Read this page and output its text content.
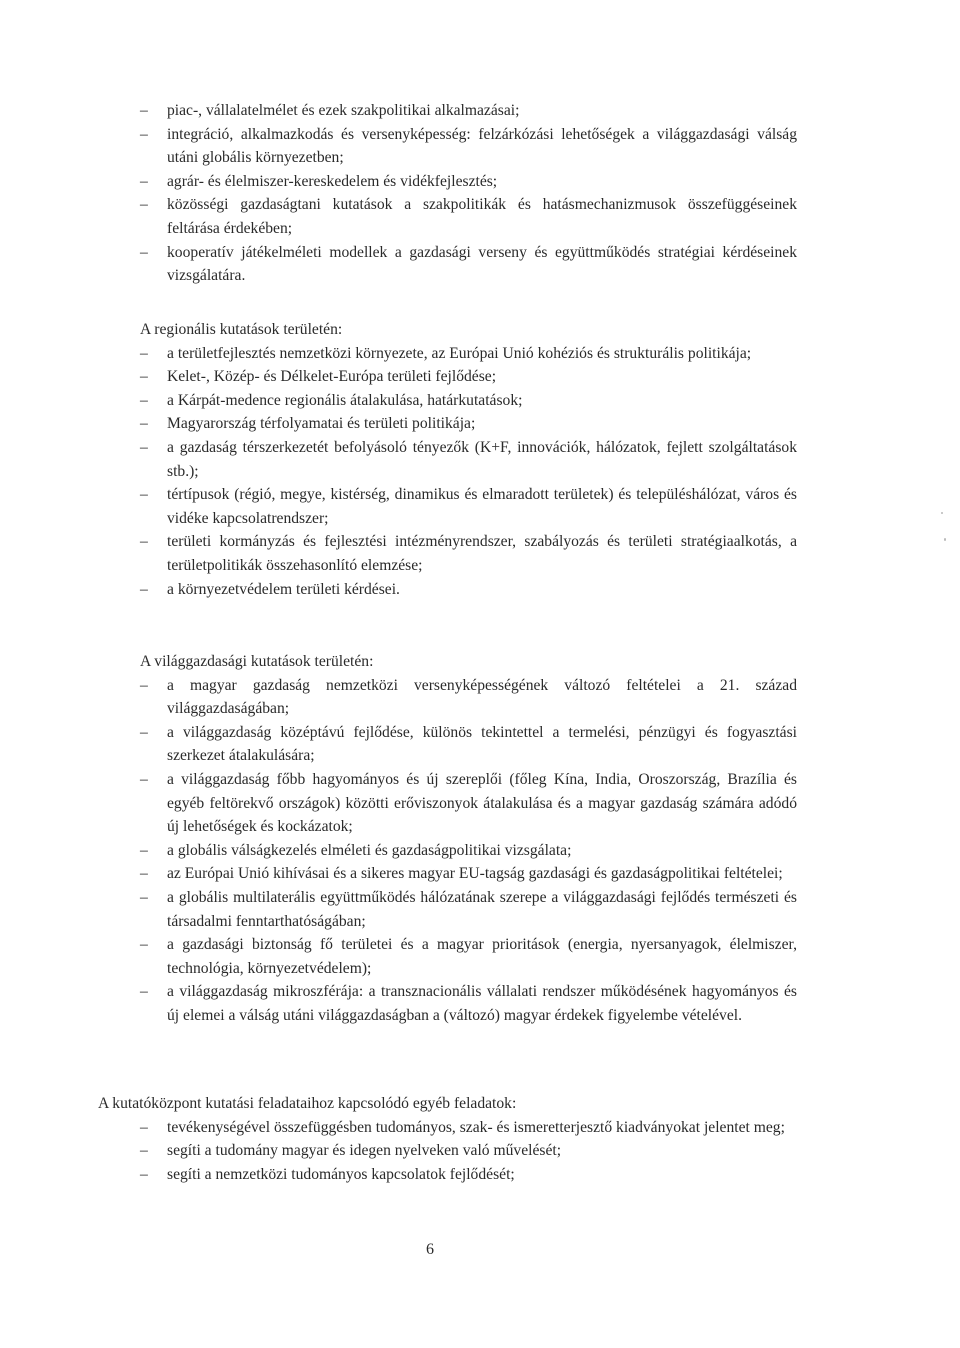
–	piac-, vállalatelmélet és ezek szakpolitikai alkalmazásai;
–	integráció, alkalmazkodás és versenyképesség: felzárkózási lehetőségek a világgazdasági válság utáni globális környezetben;
–	agrár- és élelmiszer-kereskedelem és vidékfejlesztés;
–	közösségi gazdaságtani kutatások a szakpolitikák és hatásmechanizmusok összefüggéseinek feltárása érdekében;
–	kooperatív játékelméleti modellek a gazdasági verseny és együttműködés stratégiai kérdéseinek vizsgálatára.

A regionális kutatások területén:

–	a területfejlesztés nemzetközi környezete, az Európai Unió kohéziós és strukturális politikája;
–	Kelet-, Közép- és Délkelet-Európa területi fejlődése;
–	a Kárpát-medence regionális átalakulása, határkutatások;
–	Magyarország térfolyamatai és területi politikája;
–	a gazdaság térszerkezetét befolyásoló tényezők (K+F, innovációk, hálózatok, fejlett szolgáltatások stb.);
–	tértípusok (régió, megye, kistérség, dinamikus és elmaradott területek) és településhálózat, város és vidéke kapcsolatrendszer;
–	területi kormányzás és fejlesztési intézményrendszer, szabályozás és területi stratégiaalkotás, a területpolitikák összehasonlító elemzése;
–	a környezetvédelem területi kérdései.

A világgazdasági kutatások területén:

–	a magyar gazdaság nemzetközi versenyképességének változó feltételei a 21. század világgazdaságában;
–	a világgazdaság középtávú fejlődése, különös tekintettel a termelési, pénzügyi és fogyasztási szerkezet átalakulására;
–	a világgazdaság főbb hagyományos és új szereplői (főleg Kína, India, Oroszország, Brazília és egyéb feltörekvő országok) közötti erőviszonyok átalakulása és a magyar gazdaság számára adódó új lehetőségek és kockázatok;
–	a globális válságkezelés elméleti és gazdaságpolitikai vizsgálata;
–	az Európai Unió kihívásai és a sikeres magyar EU-tagság gazdasági és gazdaságpolitikai feltételei;
–	a globális multilaterális együttműködés hálózatának szerepe a világgazdasági fejlődés természeti és társadalmi fenntarthatóságában;
–	a gazdasági biztonság fő területei és a magyar prioritások (energia, nyersanyagok, élelmiszer, technológia, környezetvédelem);
–	a világgazdaság mikroszférája: a transznacionális vállalati rendszer működésének hagyományos és új elemei a válság utáni világgazdaságban a (változó) magyar érdekek figyelembe vételével.

A kutatóközpont kutatási feladataihoz kapcsolódó egyéb feladatok:

–	tevékenységével összefüggésben tudományos, szak- és ismeretterjesztő kiadványokat jelentet meg;
–	segíti a tudomány magyar és idegen nyelveken való művelését;
–	segíti a nemzetközi tudományos kapcsolatok fejlődését;
6
